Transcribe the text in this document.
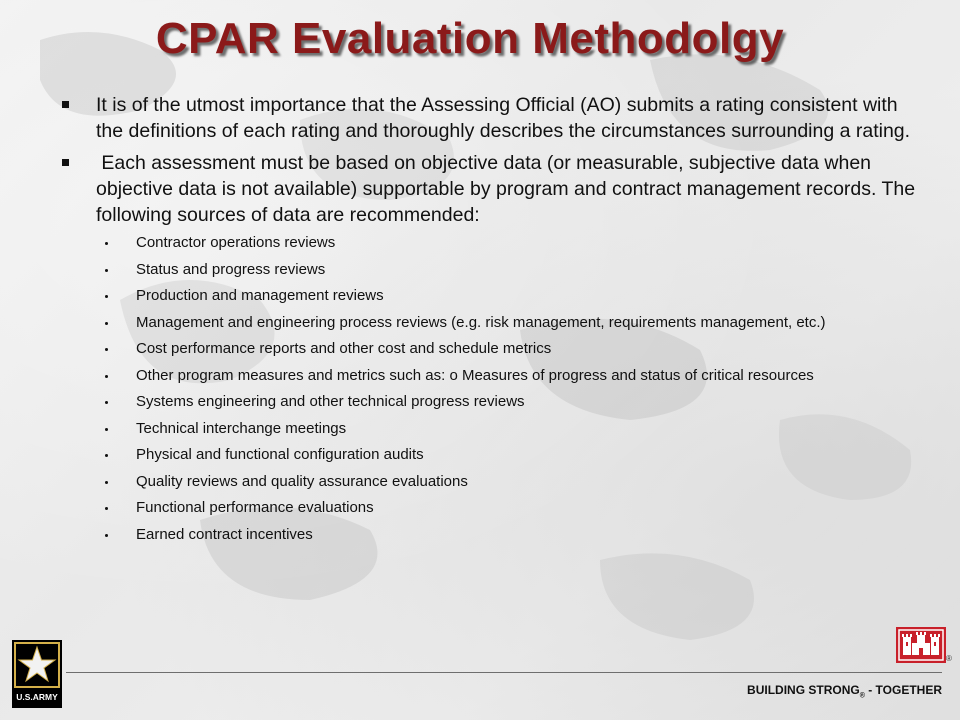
CPAR Evaluation Methodolgy

It is of the utmost importance that the Assessing Official (AO) submits a rating consistent with the definitions of each rating and thoroughly describes the circumstances surrounding a rating.

Each assessment must be based on objective data (or measurable, subjective data when objective data is not available) supportable by program and contract management records. The following sources of data are recommended:

Contractor operations reviews
Status and progress reviews
Production and management reviews
Management and engineering process reviews (e.g. risk management, requirements management, etc.)
Cost performance reports and other cost and schedule metrics
Other program measures and metrics such as: o Measures of progress and status of critical resources
Systems engineering and other technical progress reviews
Technical interchange meetings
Physical and functional configuration audits
Quality reviews and quality assurance evaluations
Functional performance evaluations
Earned contract incentives
U.S.ARMY
®
BUILDING $STRONG_®$ - TOGETHER
